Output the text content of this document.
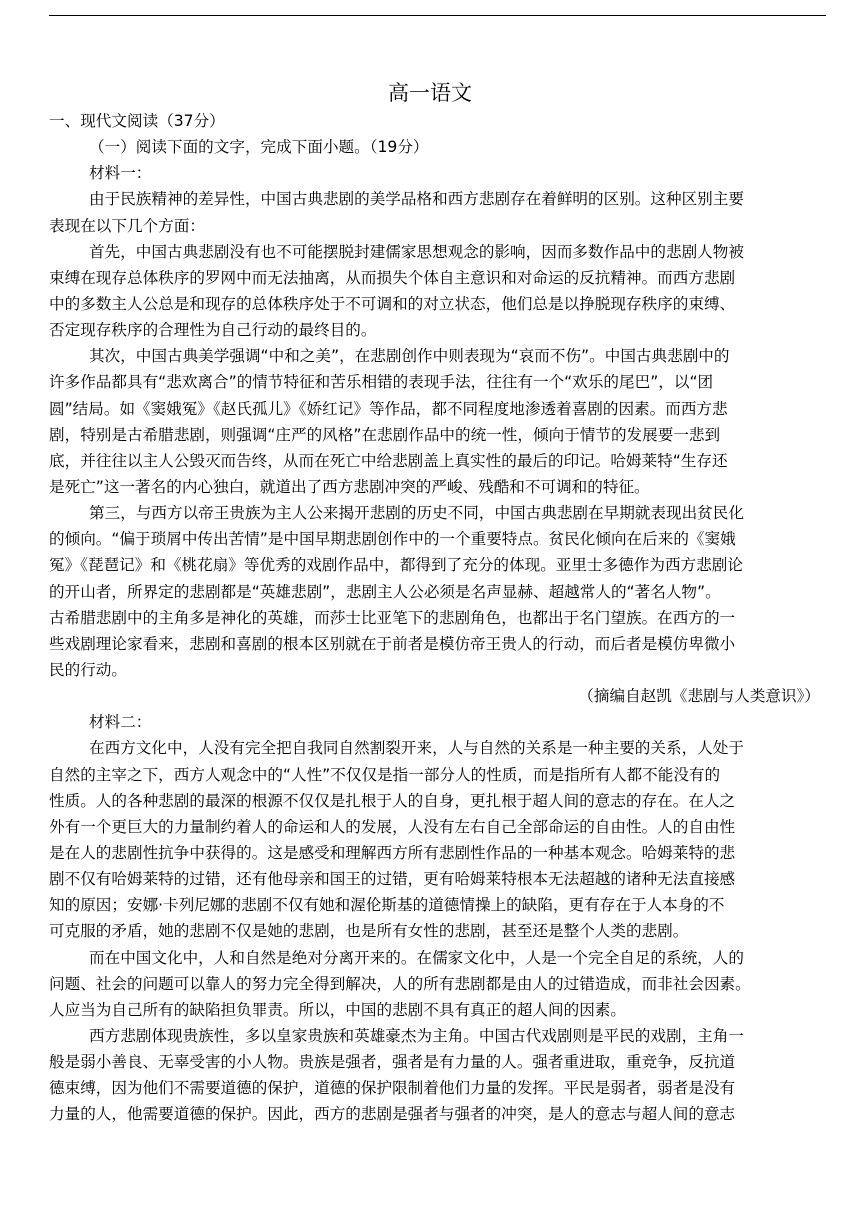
高一语文
一、现代文阅读（37分）
（一）阅读下面的文字，完成下面小题。（19分）
材料一：
由于民族精神的差异性，中国古典悲剧的美学品格和西方悲剧存在着鲜明的区别。这种区别主要
表现在以下几个方面：
首先，中国古典悲剧没有也不可能摆脱封建儒家思想观念的影响，因而多数作品中的悲剧人物被
束缚在现存总体秩序的罗网中而无法抽离，从而损失个体自主意识和对命运的反抗精神。而西方悲剧
中的多数主人公总是和现存的总体秩序处于不可调和的对立状态，他们总是以挣脱现存秩序的束缚、
否定现存秩序的合理性为自己行动的最终目的。
其次，中国古典美学强调“中和之美”，在悲剧创作中则表现为“哀而不伤”。中国古典悲剧中的
许多作品都具有“悲欢离合”的情节特征和苦乐相错的表现手法，往往有一个“欢乐的尾巴”，以“团
圆”结局。如《窦娥冤》《赵氏孤儿》《娇红记》等作品，都不同程度地渗透着喜剧的因素。而西方悲
剧，特别是古希腊悲剧，则强调“庄严的风格”在悲剧作品中的统一性，倾向于情节的发展要一悲到
底，并往往以主人公毁灭而告终，从而在死亡中给悲剧盖上真实性的最后的印记。哈姆莱特“生存还
是死亡”这一著名的内心独白，就道出了西方悲剧冲突的严峻、残酷和不可调和的特征。
第三，与西方以帝王贵族为主人公来揭开悲剧的历史不同，中国古典悲剧在早期就表现出贫民化
的倾向。“偏于琐屑中传出苦情”是中国早期悲剧创作中的一个重要特点。贫民化倾向在后来的《窦娥
冤》《琵琶记》和《桃花扇》等优秀的戏剧作品中，都得到了充分的体现。亚里士多德作为西方悲剧论
的开山者，所界定的悲剧都是“英雄悲剧”，悲剧主人公必须是名声显赫、超越常人的“著名人物”。
古希腊悲剧中的主角多是神化的英雄，而莎士比亚笔下的悲剧角色，也都出于名门望族。在西方的一
些戏剧理论家看来，悲剧和喜剧的根本区别就在于前者是模仿帝王贵人的行动，而后者是模仿卑微小
民的行动。
（摘编自赵凯《悲剧与人类意识》）
材料二：
在西方文化中，人没有完全把自我同自然割裂开来，人与自然的关系是一种主要的关系，人处于
自然的主宰之下，西方人观念中的“人性”不仅仅是指一部分人的性质，而是指所有人都不能没有的
性质。人的各种悲剧的最深的根源不仅仅是扎根于人的自身，更扎根于超人间的意志的存在。在人之
外有一个更巨大的力量制约着人的命运和人的发展，人没有左右自己全部命运的自由性。人的自由性
是在人的悲剧性抗争中获得的。这是感受和理解西方所有悲剧性作品的一种基本观念。哈姆莱特的悲
剧不仅有哈姆莱特的过错，还有他母亲和国王的过错，更有哈姆莱特根本无法超越的诸种无法直接感
知的原因；安娜·卡列尼娜的悲剧不仅有她和渥伦斯基的道德情操上的缺陷，更有存在于人本身的不
可克服的矛盾，她的悲剧不仅是她的悲剧，也是所有女性的悲剧，甚至还是整个人类的悲剧。
而在中国文化中，人和自然是绝对分离开来的。在儒家文化中，人是一个完全自足的系统，人的
问题、社会的问题可以靠人的努力完全得到解决，人的所有悲剧都是由人的过错造成，而非社会因素。
人应当为自己所有的缺陷担负罪责。所以，中国的悲剧不具有真正的超人间的因素。
西方悲剧体现贵族性，多以皇家贵族和英雄豪杰为主角。中国古代戏剧则是平民的戏剧，主角一
般是弱小善良、无辜受害的小人物。贵族是强者，强者是有力量的人。强者重进取，重竞争，反抗道
德束缚，因为他们不需要道德的保护，道德的保护限制着他们力量的发挥。平民是弱者，弱者是没有
力量的人，他需要道德的保护。因此，西方的悲剧是强者与强者的冲突，是人的意志与超人间的意志
